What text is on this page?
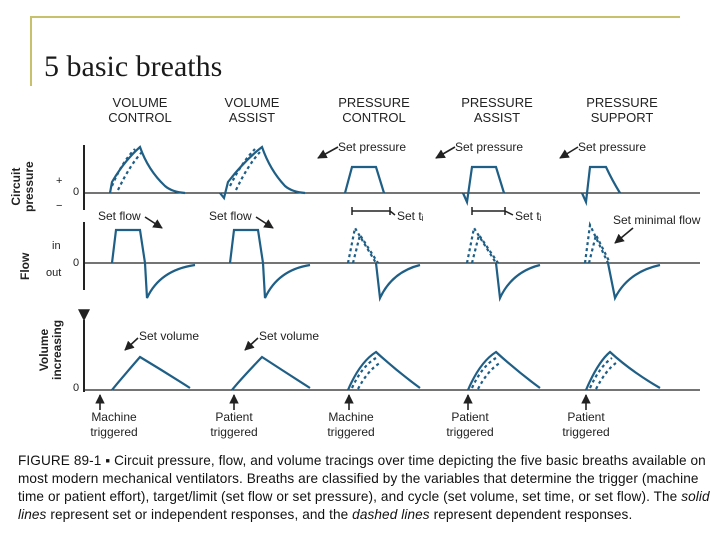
5 basic breaths
VOLUME
CONTROL
VOLUME
ASSIST
PRESSURE
CONTROL
PRESSURE
ASSIST
PRESSURE
SUPPORT
Circuit
pressure
Flow
Volume
increasing
+
0
−
in
0
out
0
Set pressure	Set pressure	Set pressure
Set flow	Set flow	Set tᵢ	Set tᵢ	Set minimal flow
Set volume	Set volume
Machine
triggered
Patient
triggered
Machine
triggered
Patient
triggered
Patient
triggered
FIGURE 89-1 ▪ Circuit pressure, flow, and volume tracings over time depicting the five basic breaths available on most modern mechanical ventilators. Breaths are classified by the variables that determine the trigger (machine time or patient effort), target/limit (set flow or set pressure), and cycle (set volume, set time, or set flow). The solid lines represent set or independent responses, and the dashed lines represent dependent responses.
